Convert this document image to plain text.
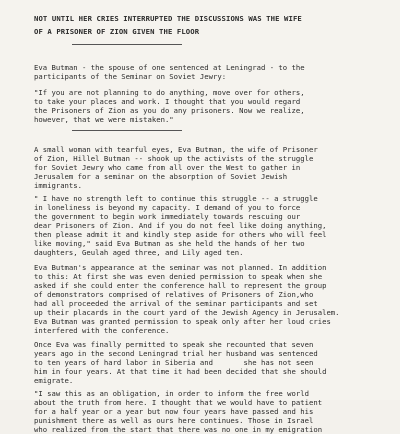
NOT UNTIL HER CRIES INTERRUPTED THE DISCUSSIONS WAS THE WIFE
OF A PRISONER OF ZION GIVEN THE FLOOR
Eva Butman - the spouse of one sentenced at Leningrad - to the
participants of the Seminar on Soviet Jewry:
"If you are not planning to do anything, move over for others,
to take your places and work. I thought that you would regard
the Prisoners of Zion as you do any prisoners. Now we realize,
however, that we were mistaken."
A small woman with tearful eyes, Eva Butman, the wife of Prisoner
of Zion, Hillel Butman -- shook up the activists of the struggle
for Soviet Jewry who came from all over the West to gather in
Jerusalem for a seminar on the absorption of Soviet Jewish
immigrants.
" I have no strength left to continue this struggle -- a struggle
in loneliness is beyond my capacity. I demand of you to force
the government to begin work immediately towards rescuing our
dear Prisoners of Zion. And if you do not feel like doing anything,
then please admit it and kindly step aside for others who will feel
like moving," said Eva Butman as she held the hands of her two
daughters, Geulah aged three, and Lily aged ten.
Eva Butman's appearance at the seminar was not planned. In addition
to this: At first she was even denied permission to speak when she
asked if she could enter the conference hall to represent the group
of demonstrators comprised of relatives of Prisoners of Zion,who
had all proceeded the arrival of the seminar participants and set
up their placards in the court yard of the Jewish Agency in Jerusalem.
Eva Butman was granted permission to speak only after her loud cries
interfered with the conference.
Once Eva was finally permitted to speak she recounted that seven
years ago in the second Leningrad trial her husband was sentenced
to ten years of hard labor in Siberia and       she has not seen
him in four years. At that time it had been decided that she should
emigrate.
"I saw this as an obligation, in order to inform the free world
about the truth from here. I thought that we would have to patient
for a half year or a year but now four years have passed and his
punishment there as well as ours here continues. Those in Israel
who realized from the start that there was no one in my emigration
